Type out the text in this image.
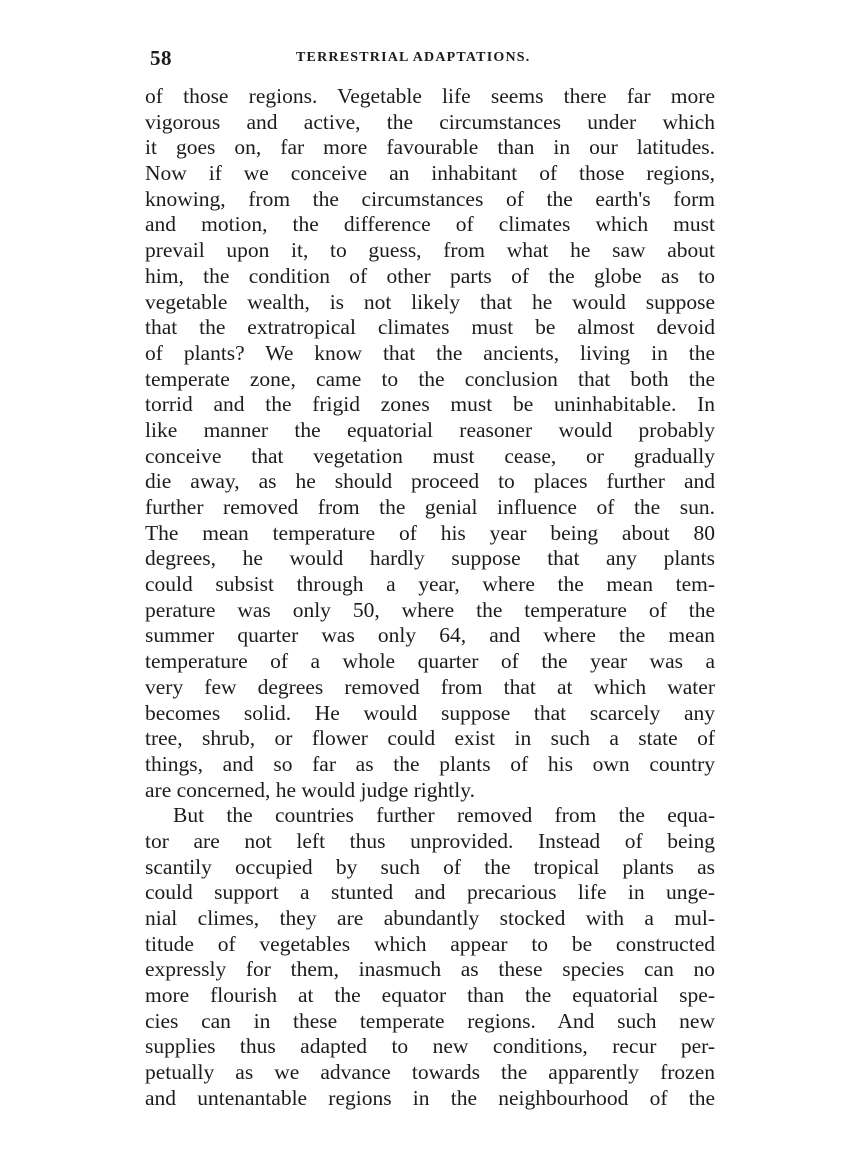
58	TERRESTRIAL ADAPTATIONS.
of those regions. Vegetable life seems there far more
vigorous and active, the circumstances under which
it goes on, far more favourable than in our latitudes.
Now if we conceive an inhabitant of those regions,
knowing, from the circumstances of the earth's form
and motion, the difference of climates which must
prevail upon it, to guess, from what he saw about
him, the condition of other parts of the globe as to
vegetable wealth, is not likely that he would suppose
that the extratropical climates must be almost devoid
of plants? We know that the ancients, living in the
temperate zone, came to the conclusion that both the
torrid and the frigid zones must be uninhabitable. In
like manner the equatorial reasoner would probably
conceive that vegetation must cease, or gradually
die away, as he should proceed to places further and
further removed from the genial influence of the sun.
The mean temperature of his year being about 80
degrees, he would hardly suppose that any plants
could subsist through a year, where the mean tem-
perature was only 50, where the temperature of the
summer quarter was only 64, and where the mean
temperature of a whole quarter of the year was a
very few degrees removed from that at which water
becomes solid. He would suppose that scarcely any
tree, shrub, or flower could exist in such a state of
things, and so far as the plants of his own country
are concerned, he would judge rightly.
But the countries further removed from the equa-
tor are not left thus unprovided. Instead of being
scantily occupied by such of the tropical plants as
could support a stunted and precarious life in unge-
nial climes, they are abundantly stocked with a mul-
titude of vegetables which appear to be constructed
expressly for them, inasmuch as these species can no
more flourish at the equator than the equatorial spe-
cies can in these temperate regions. And such new
supplies thus adapted to new conditions, recur per-
petually as we advance towards the apparently frozen
and untenantable regions in the neighbourhood of the
